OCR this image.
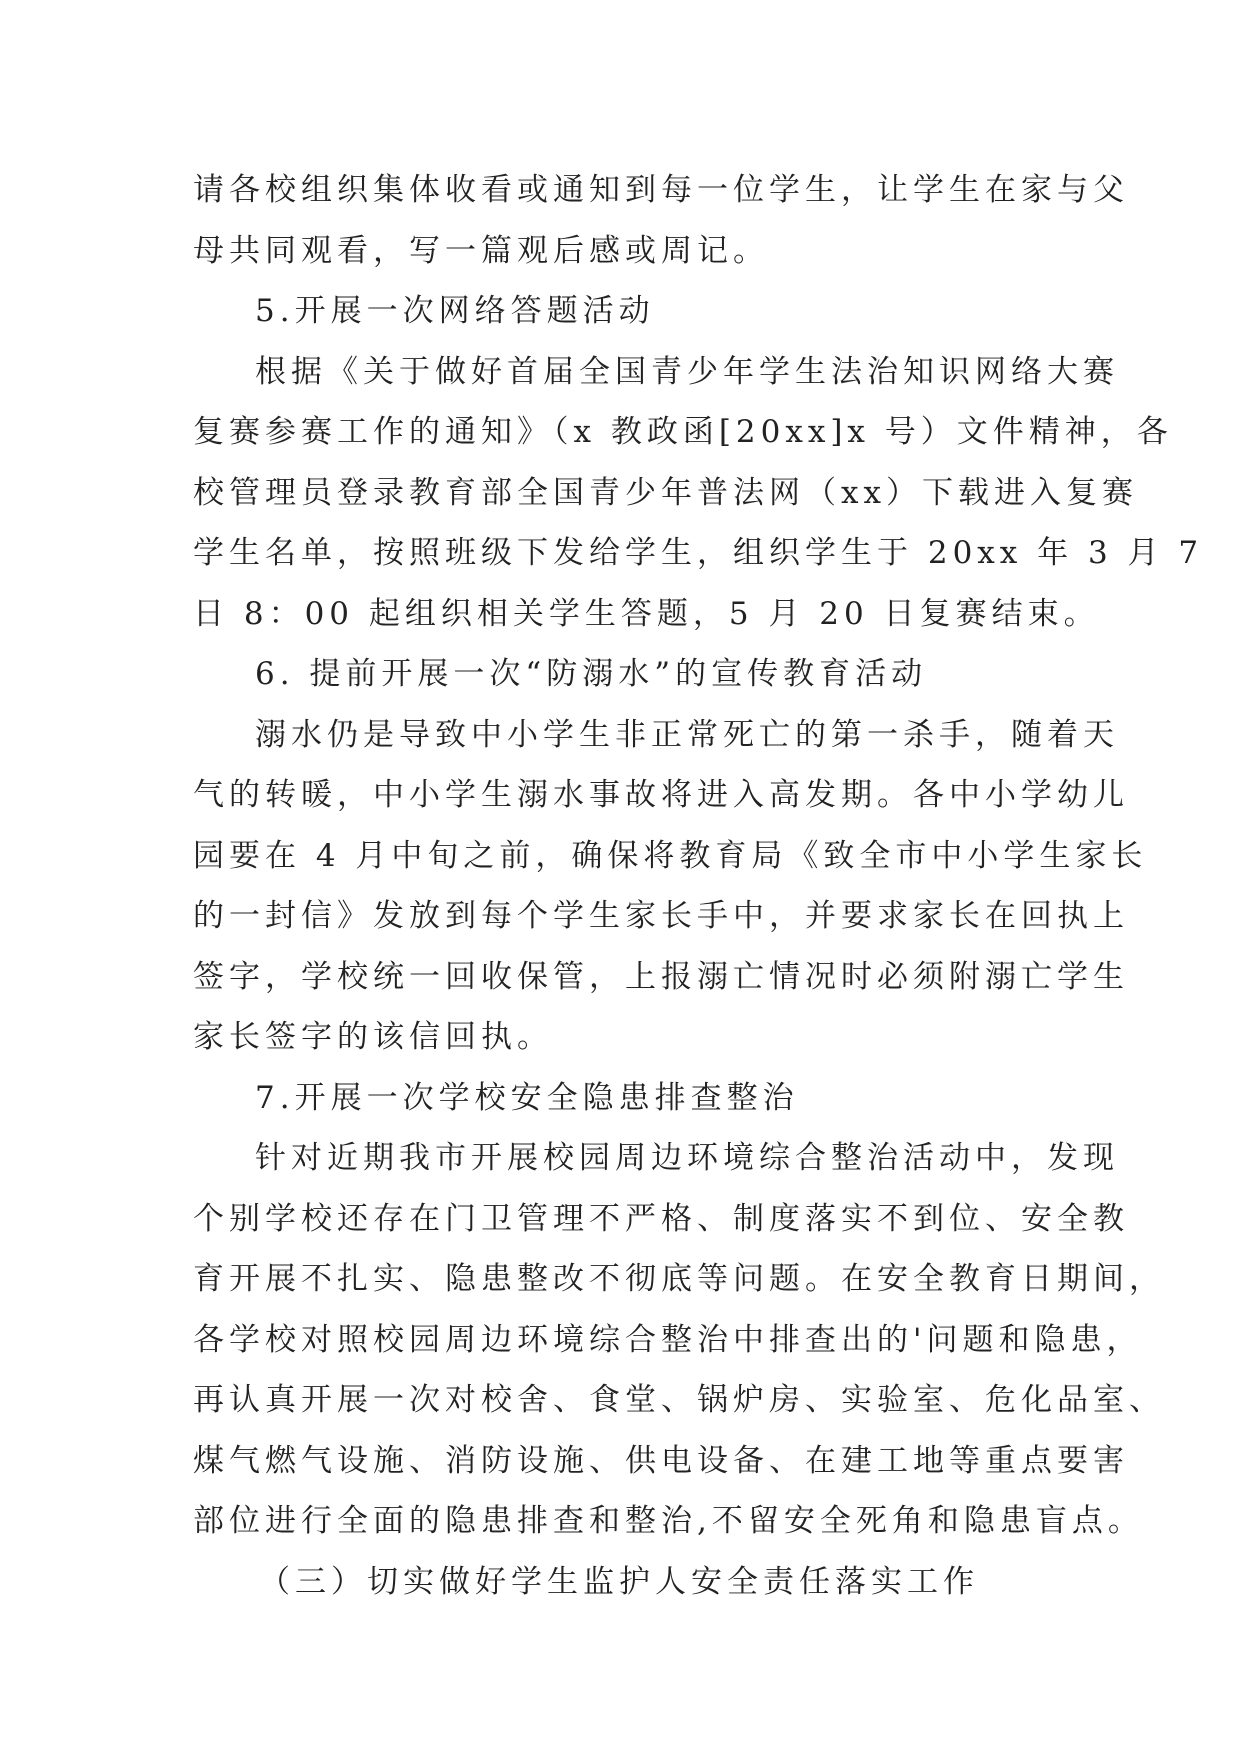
请各校组织集体收看或通知到每一位学生，让学生在家与父
母共同观看，写一篇观后感或周记。
5.开展一次网络答题活动
根据《关于做好首届全国青少年学生法治知识网络大赛
复赛参赛工作的通知》（x 教政函[20xx]x 号）文件精神，各
校管理员登录教育部全国青少年普法网（xx）下载进入复赛
学生名单，按照班级下发给学生，组织学生于 20xx 年 3 月 7
日 8：00 起组织相关学生答题，5 月 20 日复赛结束。
6. 提前开展一次“防溺水”的宣传教育活动
溺水仍是导致中小学生非正常死亡的第一杀手，随着天
气的转暖，中小学生溺水事故将进入高发期。各中小学幼儿
园要在 4 月中旬之前，确保将教育局《致全市中小学生家长
的一封信》发放到每个学生家长手中，并要求家长在回执上
签字，学校统一回收保管，上报溺亡情况时必须附溺亡学生
家长签字的该信回执。
7.开展一次学校安全隐患排查整治
针对近期我市开展校园周边环境综合整治活动中，发现
个别学校还存在门卫管理不严格、制度落实不到位、安全教
育开展不扎实、隐患整改不彻底等问题。在安全教育日期间，
各学校对照校园周边环境综合整治中排查出的'问题和隐患，
再认真开展一次对校舍、食堂、锅炉房、实验室、危化品室、
煤气燃气设施、消防设施、供电设备、在建工地等重点要害
部位进行全面的隐患排查和整治,不留安全死角和隐患盲点。
（三）切实做好学生监护人安全责任落实工作
